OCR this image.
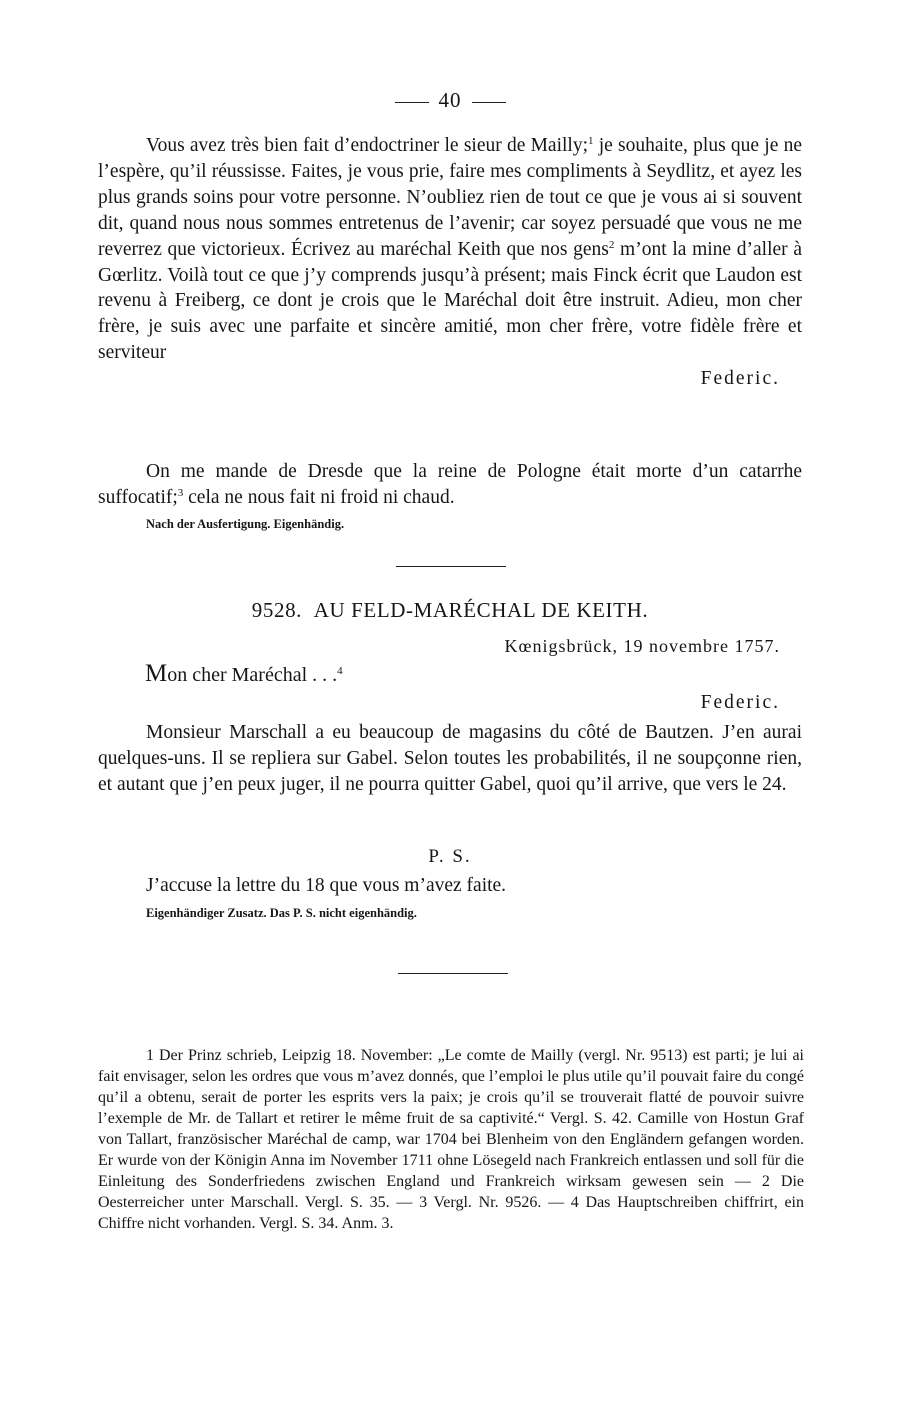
40

Vous avez très bien fait d’endoctriner le sieur de Mailly;$^1$ je souhaite, plus que je ne l’espère, qu’il réussisse. Faites, je vous prie, faire mes compliments à Seydlitz, et ayez les plus grands soins pour votre personne. N’oubliez rien de tout ce que je vous ai si souvent dit, quand nous nous sommes entretenus de l’avenir; car soyez persuadé que vous ne me reverrez que victorieux. Écrivez au maréchal Keith que nos gens$^2$ m’ont la mine d’aller à Gœrlitz. Voilà tout ce que j’y comprends jusqu’à présent; mais Finck écrit que Laudon est revenu à Freiberg, ce dont je crois que le Maréchal doit être instruit. Adieu, mon cher frère, je suis avec une parfaite et sincère amitié, mon cher frère, votre fidèle frère et serviteur

Federic.

On me mande de Dresde que la reine de Pologne était morte d’un catarrhe suffocatif;$^3$ cela ne nous fait ni froid ni chaud.

Nach der Ausfertigung. Eigenhändig.
9528. AU FELD-MARÉCHAL DE KEITH.
Kœnigsbrück, 19 novembre 1757.
Mon cher Maréchal . . .$^4$
Federic.

Monsieur Marschall a eu beaucoup de magasins du côté de Bautzen. J’en aurai quelques-uns. Il se repliera sur Gabel. Selon toutes les probabilités, il ne soupçonne rien, et autant que j’en peux juger, il ne pourra quitter Gabel, quoi qu’il arrive, que vers le 24.

P. S.

J’accuse la lettre du 18 que vous m’avez faite.

Eigenhändiger Zusatz. Das P. S. nicht eigenhändig.

1 Der Prinz schrieb, Leipzig 18. November: „Le comte de Mailly (vergl. Nr. 9513) est parti; je lui ai fait envisager, selon les ordres que vous m’avez donnés, que l’emploi le plus utile qu’il pouvait faire du congé qu’il a obtenu, serait de porter les esprits vers la paix; je crois qu’il se trouverait flatté de pouvoir suivre l’exemple de Mr. de Tallart et retirer le même fruit de sa captivité.“ Vergl. S. 42. Camille von Hostun Graf von Tallart, französischer Maréchal de camp, war 1704 bei Blenheim von den Engländern gefangen worden. Er wurde von der Königin Anna im November 1711 ohne Lösegeld nach Frankreich entlassen und soll für die Einleitung des Sonderfriedens zwischen England und Frankreich wirksam gewesen sein — 2 Die Oesterreicher unter Marschall. Vergl. S. 35. — 3 Vergl. Nr. 9526. — 4 Das Hauptschreiben chiffrirt, ein Chiffre nicht vorhanden. Vergl. S. 34. Anm. 3.
